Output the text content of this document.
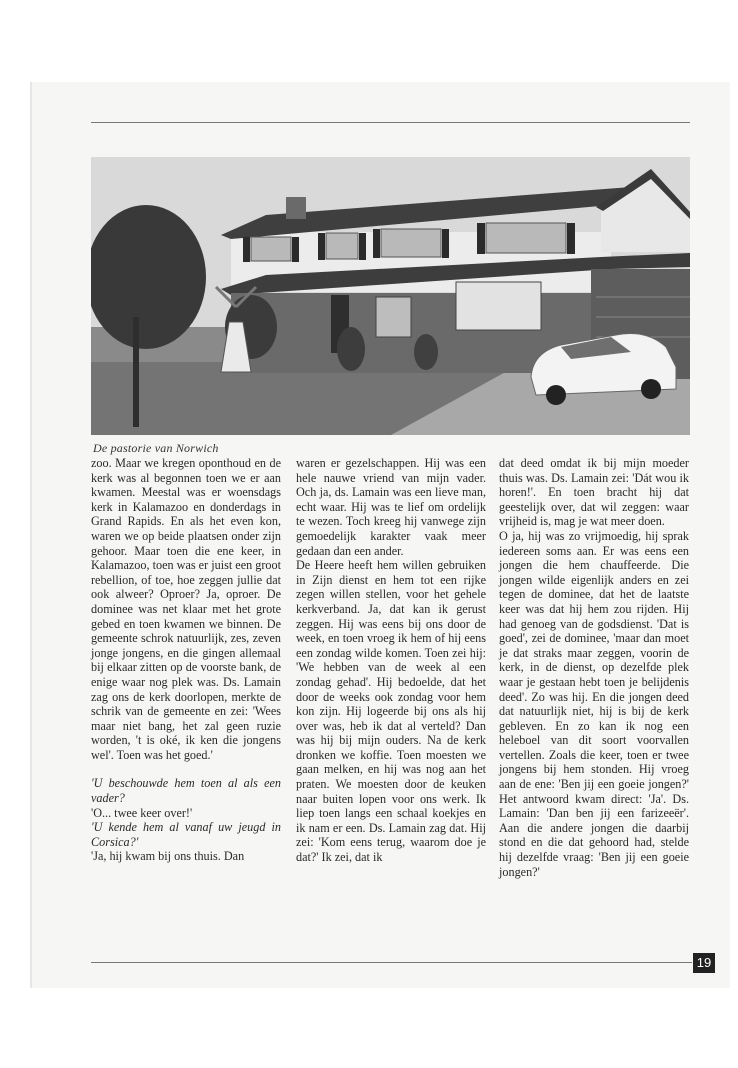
De pastorie van Norwich

zoo. Maar we kregen oponthoud en de kerk was al begonnen toen we er aan kwamen. Meestal was er woensdags kerk in Kalamazoo en donderdags in Grand Rapids. En als het even kon, waren we op beide plaatsen onder zijn gehoor. Maar toen die ene keer, in Kalamazoo, toen was er juist een groot rebellion, of toe, hoe zeggen jullie dat ook alweer? Oproer? Ja, oproer. De dominee was net klaar met het grote gebed en toen kwamen we binnen. De gemeente schrok natuurlijk, zes, zeven jonge jongens, en die gingen allemaal bij elkaar zitten op de voorste bank, de enige waar nog plek was. Ds. Lamain zag ons de kerk doorlopen, merkte de schrik van de gemeente en zei: 'Wees maar niet bang, het zal geen ruzie worden, 't is oké, ik ken die jongens wel'. Toen was het goed.'

'U beschouwde hem toen al als een vader?

'O... twee keer over!'

'U kende hem al vanaf uw jeugd in Corsica?'

'Ja, hij kwam bij ons thuis. Dan

waren er gezelschappen. Hij was een hele nauwe vriend van mijn vader. Och ja, ds. Lamain was een lieve man, echt waar. Hij was te lief om ordelijk te wezen. Toch kreeg hij vanwege zijn gemoedelijk karakter vaak meer gedaan dan een ander.

De Heere heeft hem willen gebruiken in Zijn dienst en hem tot een rijke zegen willen stellen, voor het gehele kerkverband. Ja, dat kan ik gerust zeggen. Hij was eens bij ons door de week, en toen vroeg ik hem of hij eens een zondag wilde komen. Toen zei hij: 'We hebben van de week al een zondag gehad'. Hij bedoelde, dat het door de weeks ook zondag voor hem kon zijn. Hij logeerde bij ons als hij over was, heb ik dat al verteld? Dan was hij bij mijn ouders. Na de kerk dronken we koffie. Toen moesten we gaan melken, en hij was nog aan het praten. We moesten door de keuken naar buiten lopen voor ons werk. Ik liep toen langs een schaal koekjes en ik nam er een. Ds. Lamain zag dat. Hij zei: 'Kom eens terug, waarom doe je dat?' Ik zei, dat ik

dat deed omdat ik bij mijn moeder thuis was. Ds. Lamain zei: 'Dát wou ik horen!'. En toen bracht hij dat geestelijk over, dat wil zeggen: waar vrijheid is, mag je wat meer doen.

O ja, hij was zo vrijmoedig, hij sprak iedereen soms aan. Er was eens een jongen die hem chauffeerde. Die jongen wilde eigenlijk anders en zei tegen de dominee, dat het de laatste keer was dat hij hem zou rijden. Hij had genoeg van de godsdienst. 'Dat is goed', zei de dominee, 'maar dan moet je dat straks maar zeggen, voorin de kerk, in de dienst, op dezelfde plek waar je gestaan hebt toen je belijdenis deed'. Zo was hij. En die jongen deed dat natuurlijk niet, hij is bij de kerk gebleven. En zo kan ik nog een heleboel van dit soort voorvallen vertellen. Zoals die keer, toen er twee jongens bij hem stonden. Hij vroeg aan de ene: 'Ben jij een goeie jongen?' Het antwoord kwam direct: 'Ja'. Ds. Lamain: 'Dan ben jij een farizeeër'. Aan die andere jongen die daarbij stond en die dat gehoord had, stelde hij dezelfde vraag: 'Ben jij een goeie jongen?'

19
